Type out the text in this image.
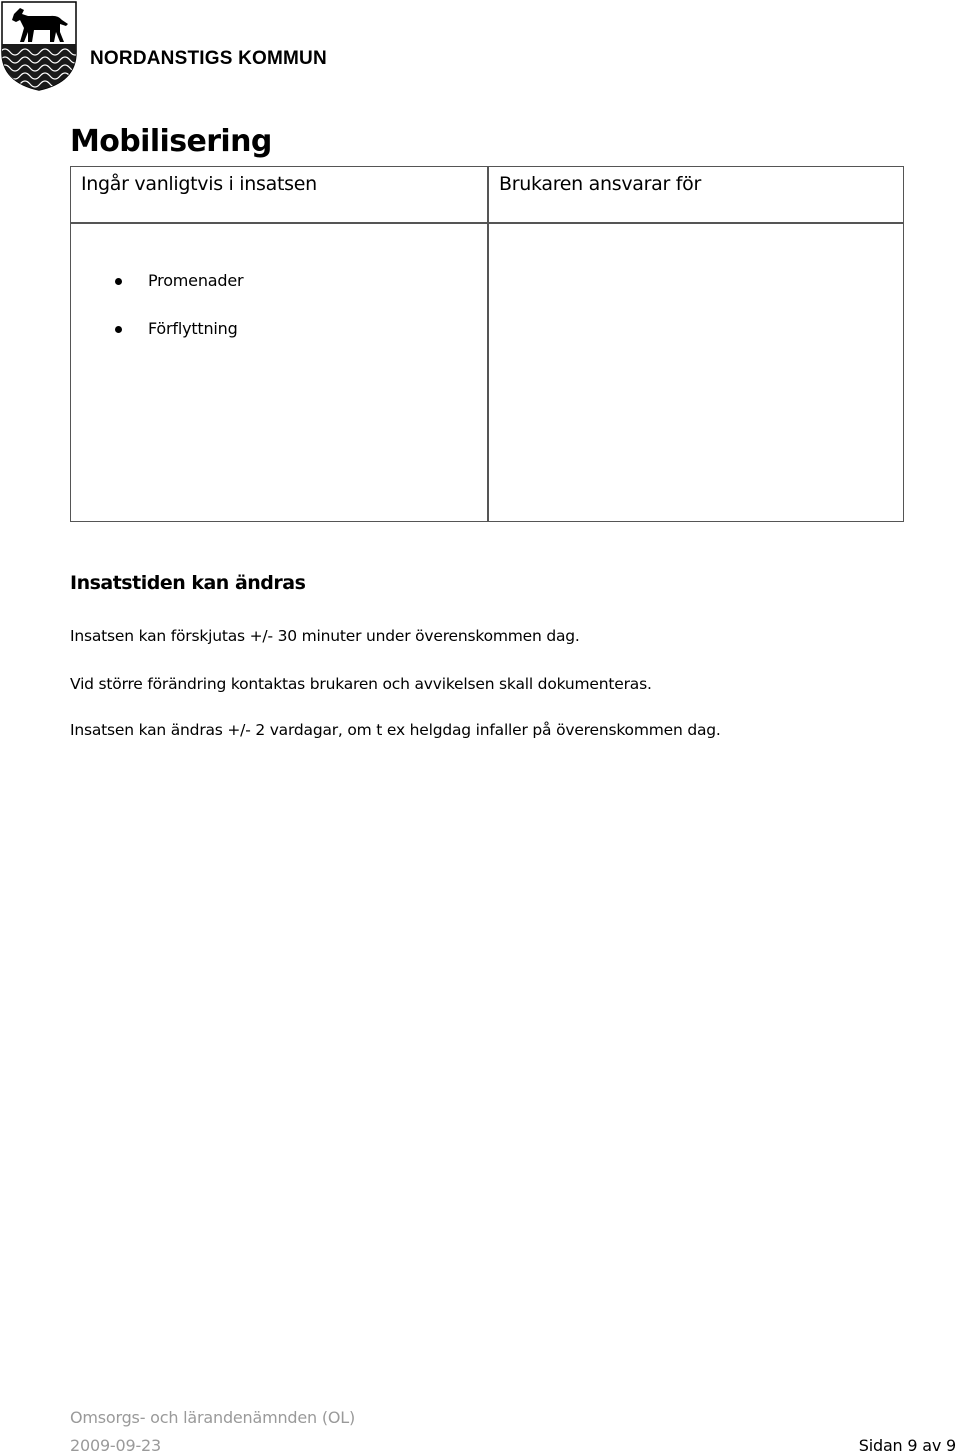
NORDANSTIGS KOMMUN
Mobilisering
Ingår vanligtvis i insatsen	Brukaren ansvarar för
Promenader
Förflyttning
Insatstiden kan ändras

Insatsen kan förskjutas +/- 30 minuter under överenskommen dag.

Vid större förändring kontaktas brukaren och avvikelsen skall dokumenteras.

Insatsen kan ändras +/- 2 vardagar, om t ex helgdag infaller på överenskommen dag.

Omsorgs- och lärandenämnden (OL)
2009-09-23	Sidan 9 av 9
